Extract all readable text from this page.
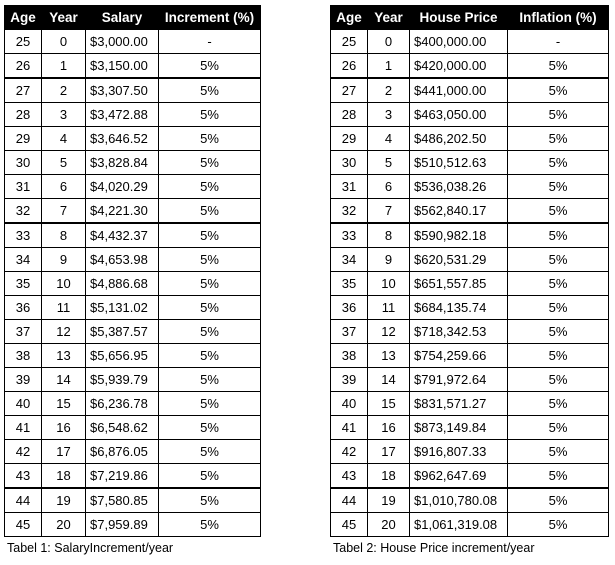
Age	Year	Salary	Increment (%)
25	0	$3,000.00	-
26	1	$3,150.00	5%
27	2	$3,307.50	5%
28	3	$3,472.88	5%
29	4	$3,646.52	5%
30	5	$3,828.84	5%
31	6	$4,020.29	5%
32	7	$4,221.30	5%
33	8	$4,432.37	5%
34	9	$4,653.98	5%
35	10	$4,886.68	5%
36	11	$5,131.02	5%
37	12	$5,387.57	5%
38	13	$5,656.95	5%
39	14	$5,939.79	5%
40	15	$6,236.78	5%
41	16	$6,548.62	5%
42	17	$6,876.05	5%
43	18	$7,219.86	5%
44	19	$7,580.85	5%
45	20	$7,959.89	5%
Age	Year	House Price	Inflation (%)
25	0	$400,000.00	-
26	1	$420,000.00	5%
27	2	$441,000.00	5%
28	3	$463,050.00	5%
29	4	$486,202.50	5%
30	5	$510,512.63	5%
31	6	$536,038.26	5%
32	7	$562,840.17	5%
33	8	$590,982.18	5%
34	9	$620,531.29	5%
35	10	$651,557.85	5%
36	11	$684,135.74	5%
37	12	$718,342.53	5%
38	13	$754,259.66	5%
39	14	$791,972.64	5%
40	15	$831,571.27	5%
41	16	$873,149.84	5%
42	17	$916,807.33	5%
43	18	$962,647.69	5%
44	19	$1,010,780.08	5%
45	20	$1,061,319.08	5%
Tabel 1: SalaryIncrement/year	Tabel 2: House Price increment/year
